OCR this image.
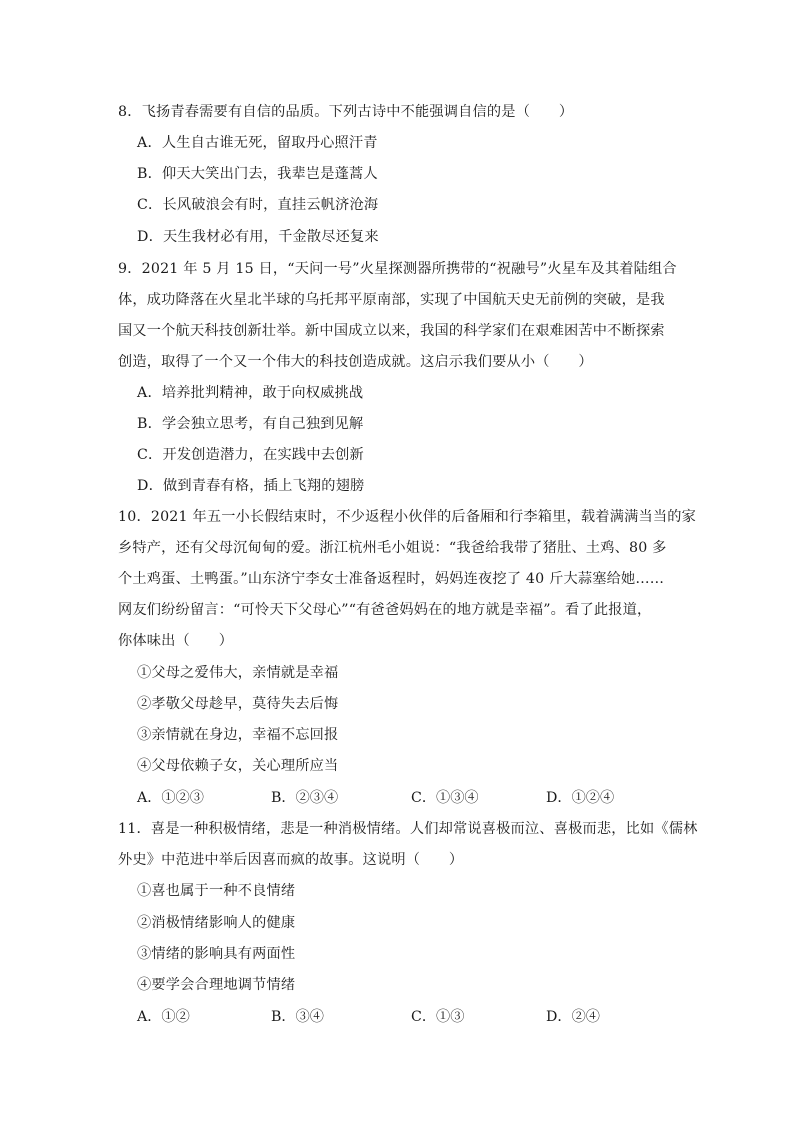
8．飞扬青春需要有自信的品质。下列古诗中不能强调自信的是（　　）
A．人生自古谁无死，留取丹心照汗青
B．仰天大笑出门去，我辈岂是蓬蒿人
C．长风破浪会有时，直挂云帆济沧海
D．天生我材必有用，千金散尽还复来
9．2021 年 5 月 15 日，“天问一号”火星探测器所携带的“祝融号”火星车及其着陆组合
体，成功降落在火星北半球的乌托邦平原南部，实现了中国航天史无前例的突破，是我
国又一个航天科技创新壮举。新中国成立以来，我国的科学家们在艰难困苦中不断探索
创造，取得了一个又一个伟大的科技创造成就。这启示我们要从小（　　）
A．培养批判精神，敢于向权威挑战
B．学会独立思考，有自己独到见解
C．开发创造潜力，在实践中去创新
D．做到青春有格，插上飞翔的翅膀
10．2021 年五一小长假结束时，不少返程小伙伴的后备厢和行李箱里，载着满满当当的家
乡特产，还有父母沉甸甸的爱。浙江杭州毛小姐说：“我爸给我带了猪肚、土鸡、80 多
个土鸡蛋、土鸭蛋。”山东济宁李女士准备返程时，妈妈连夜挖了 40 斤大蒜塞给她……
网友们纷纷留言：“可怜天下父母心”“有爸爸妈妈在的地方就是幸福”。看了此报道，
你体味出（　　）
①父母之爱伟大，亲情就是幸福
②孝敬父母趁早，莫待失去后悔
③亲情就在身边，幸福不忘回报
④父母依赖子女，关心理所应当
A．①②③	B．②③④	C．①③④	D．①②④
11．喜是一种积极情绪，悲是一种消极情绪。人们却常说喜极而泣、喜极而悲，比如《儒林
外史》中范进中举后因喜而疯的故事。这说明（　　）
①喜也属于一种不良情绪
②消极情绪影响人的健康
③情绪的影响具有两面性
④要学会合理地调节情绪
A．①②	B．③④	C．①③	D．②④
